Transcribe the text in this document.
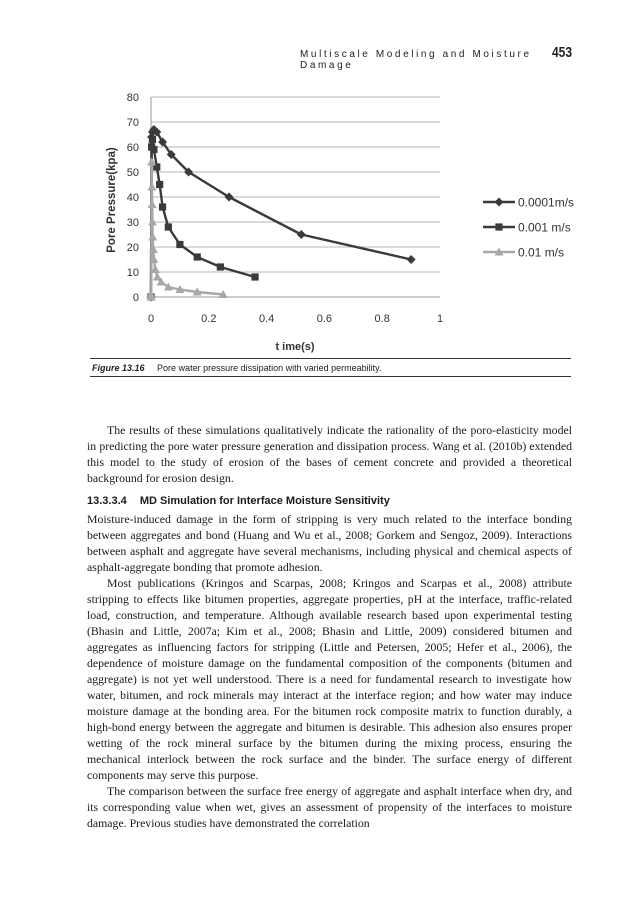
Multiscale Modeling and Moisture Damage
453
0
10
20
30
40
50
60
70
80
0	0.2	0.4	0.6	0.8	1
0.0001m/s
0.001 m/s
0.01 m/s
Pore Pressure(kpa)
t ime(s)
Figure 13.16 Pore water pressure dissipation with varied permeability.

The results of these simulations qualitatively indicate the rationality of the poro-elasticity model in predicting the pore water pressure generation and dissipation process. Wang et al. (2010b) extended this model to the study of erosion of the bases of cement concrete and provided a theoretical background for erosion design.

13.3.3.4 MD Simulation for Interface Moisture Sensitivity

Moisture-induced damage in the form of stripping is very much related to the interface bonding between aggregates and bond (Huang and Wu et al., 2008; Gorkem and Sengoz, 2009). Interactions between asphalt and aggregate have several mechanisms, including physical and chemical aspects of asphalt-aggregate bonding that promote adhesion.

Most publications (Kringos and Scarpas, 2008; Kringos and Scarpas et al., 2008) attribute stripping to effects like bitumen properties, aggregate properties, pH at the interface, traffic-related load, construction, and temperature. Although available research based upon experimental testing (Bhasin and Little, 2007a; Kim et al., 2008; Bhasin and Little, 2009) considered bitumen and aggregates as influencing factors for stripping (Little and Petersen, 2005; Hefer et al., 2006), the dependence of moisture damage on the fundamental composition of the components (bitumen and aggregate) is not yet well understood. There is a need for fundamental research to investigate how water, bitumen, and rock minerals may interact at the interface region; and how water may induce moisture damage at the bonding area. For the bitumen rock composite matrix to function durably, a high-bond energy between the aggregate and bitumen is desirable. This adhesion also ensures proper wetting of the rock mineral surface by the bitumen during the mixing process, ensuring the mechanical interlock between the rock surface and the binder. The surface energy of different components may serve this purpose.

The comparison between the surface free energy of aggregate and asphalt interface when dry, and its corresponding value when wet, gives an assessment of propensity of the interfaces to moisture damage. Previous studies have demonstrated the correlation
